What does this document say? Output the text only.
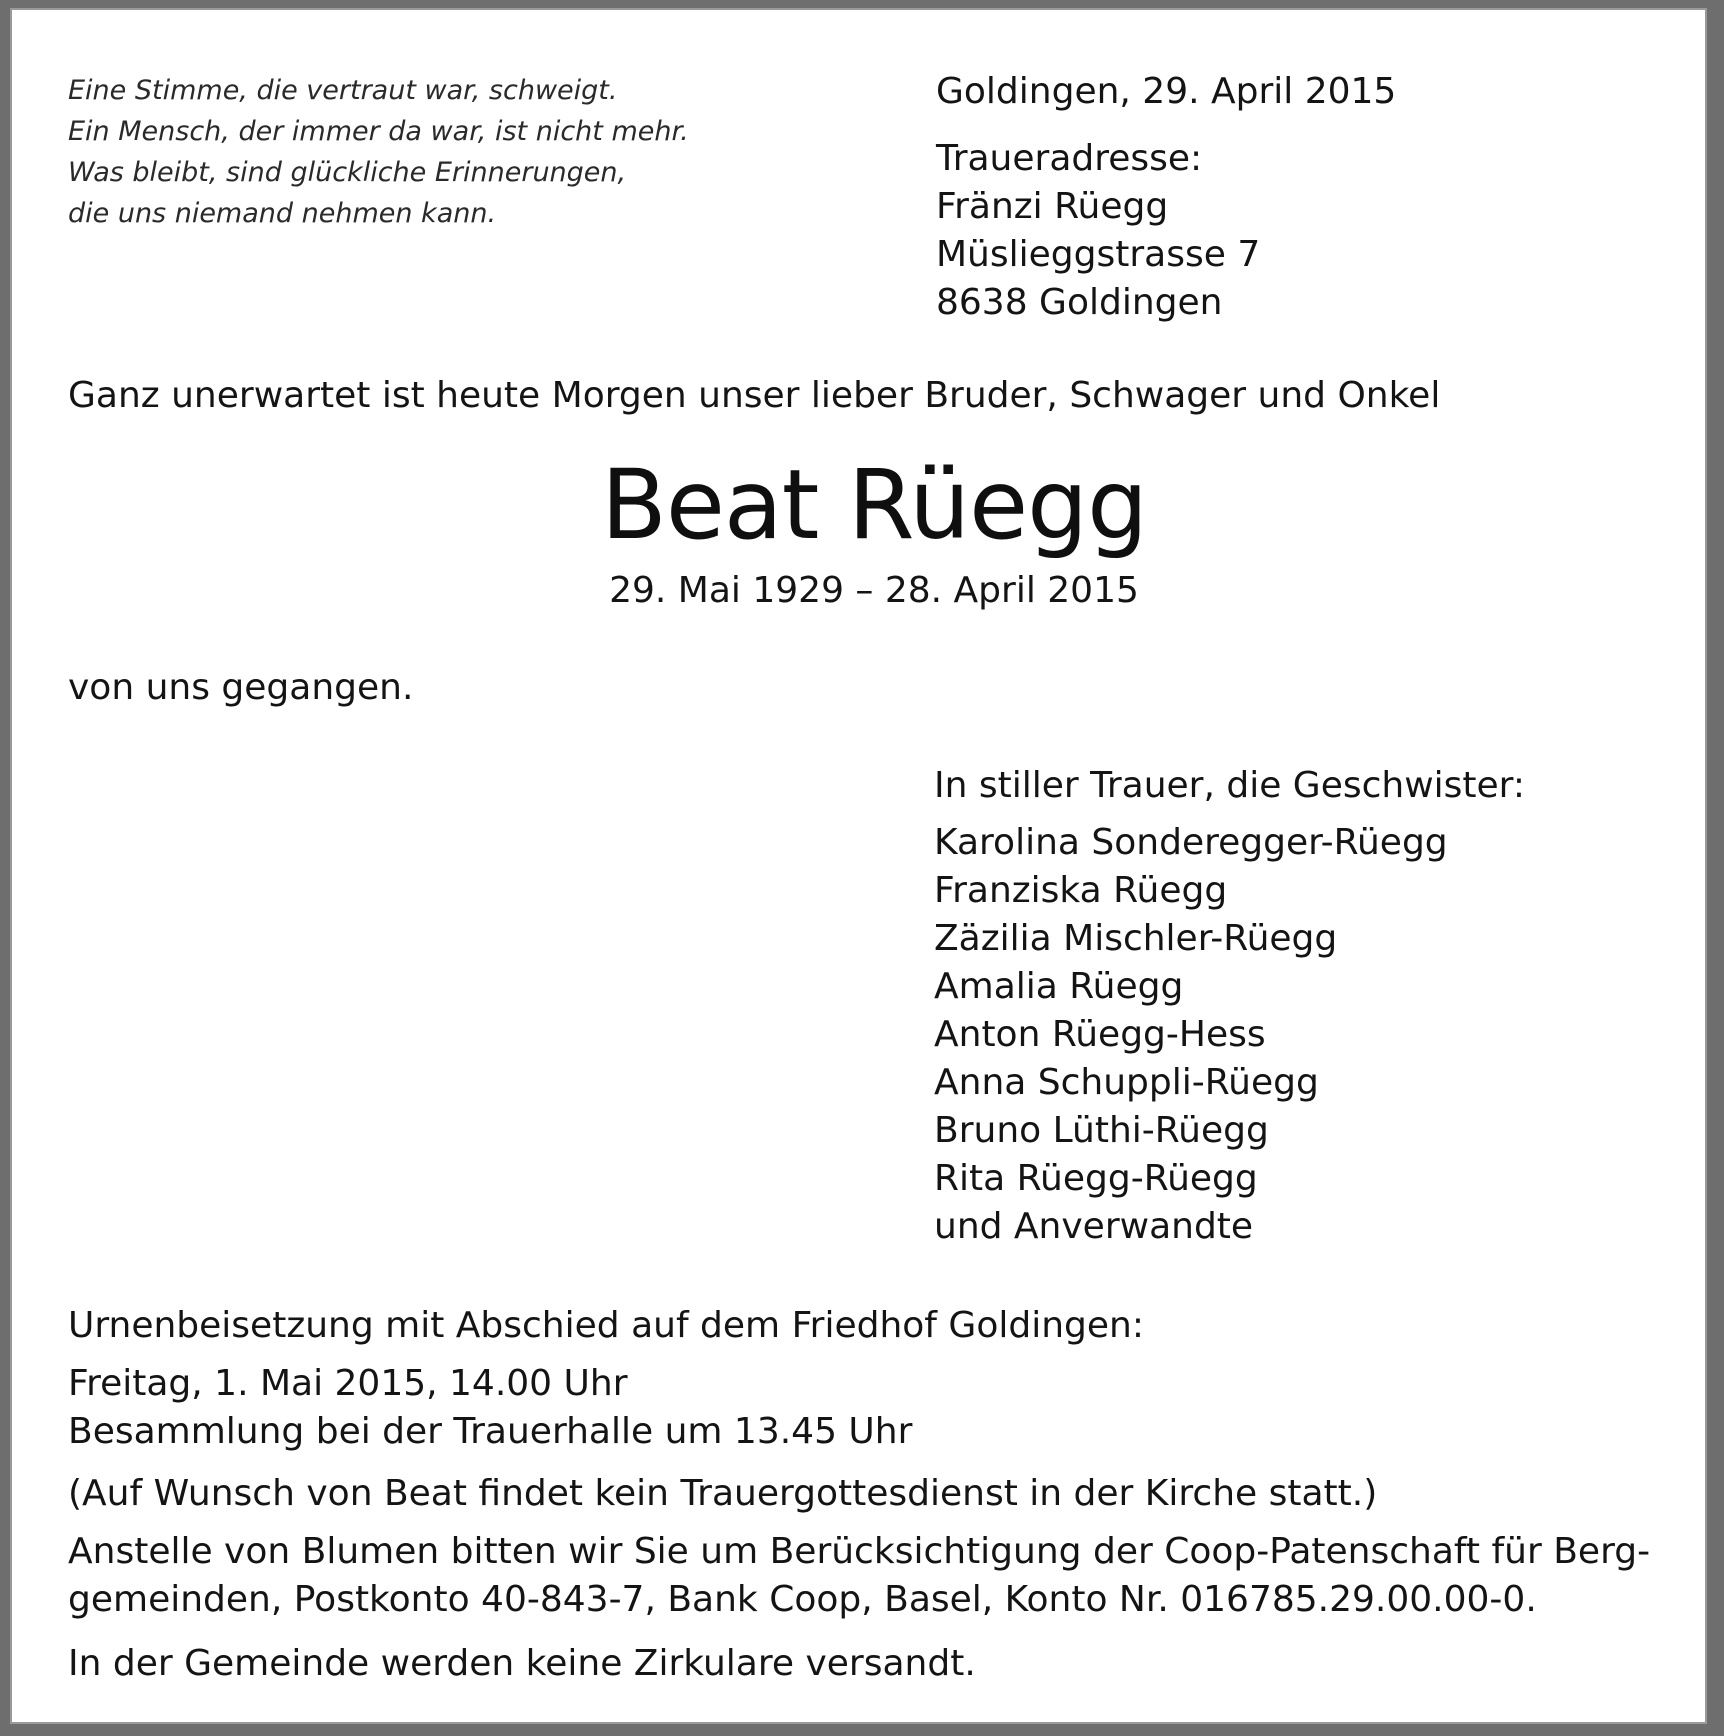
Eine Stimme, die vertraut war, schweigt.
Ein Mensch, der immer da war, ist nicht mehr.
Was bleibt, sind glückliche Erinnerungen,
die uns niemand nehmen kann.
Goldingen, 29. April 2015
Traueradresse:
Fränzi Rüegg
Müslieggstrasse 7
8638 Goldingen
Ganz unerwartet ist heute Morgen unser lieber Bruder, Schwager und Onkel
Beat Rüegg
29. Mai 1929 – 28. April 2015
von uns gegangen.
In stiller Trauer, die Geschwister:
Karolina Sonderegger-Rüegg
Franziska Rüegg
Zäzilia Mischler-Rüegg
Amalia Rüegg
Anton Rüegg-Hess
Anna Schuppli-Rüegg
Bruno Lüthi-Rüegg
Rita Rüegg-Rüegg
und Anverwandte
Urnenbeisetzung mit Abschied auf dem Friedhof Goldingen:
Freitag, 1. Mai 2015, 14.00 Uhr
Besammlung bei der Trauerhalle um 13.45 Uhr
(Auf Wunsch von Beat findet kein Trauergottesdienst in der Kirche statt.)
Anstelle von Blumen bitten wir Sie um Berücksichtigung der Coop-Patenschaft für Berg-
gemeinden, Postkonto 40-843-7, Bank Coop, Basel, Konto Nr. 016785.29.00.00-0.
In der Gemeinde werden keine Zirkulare versandt.
